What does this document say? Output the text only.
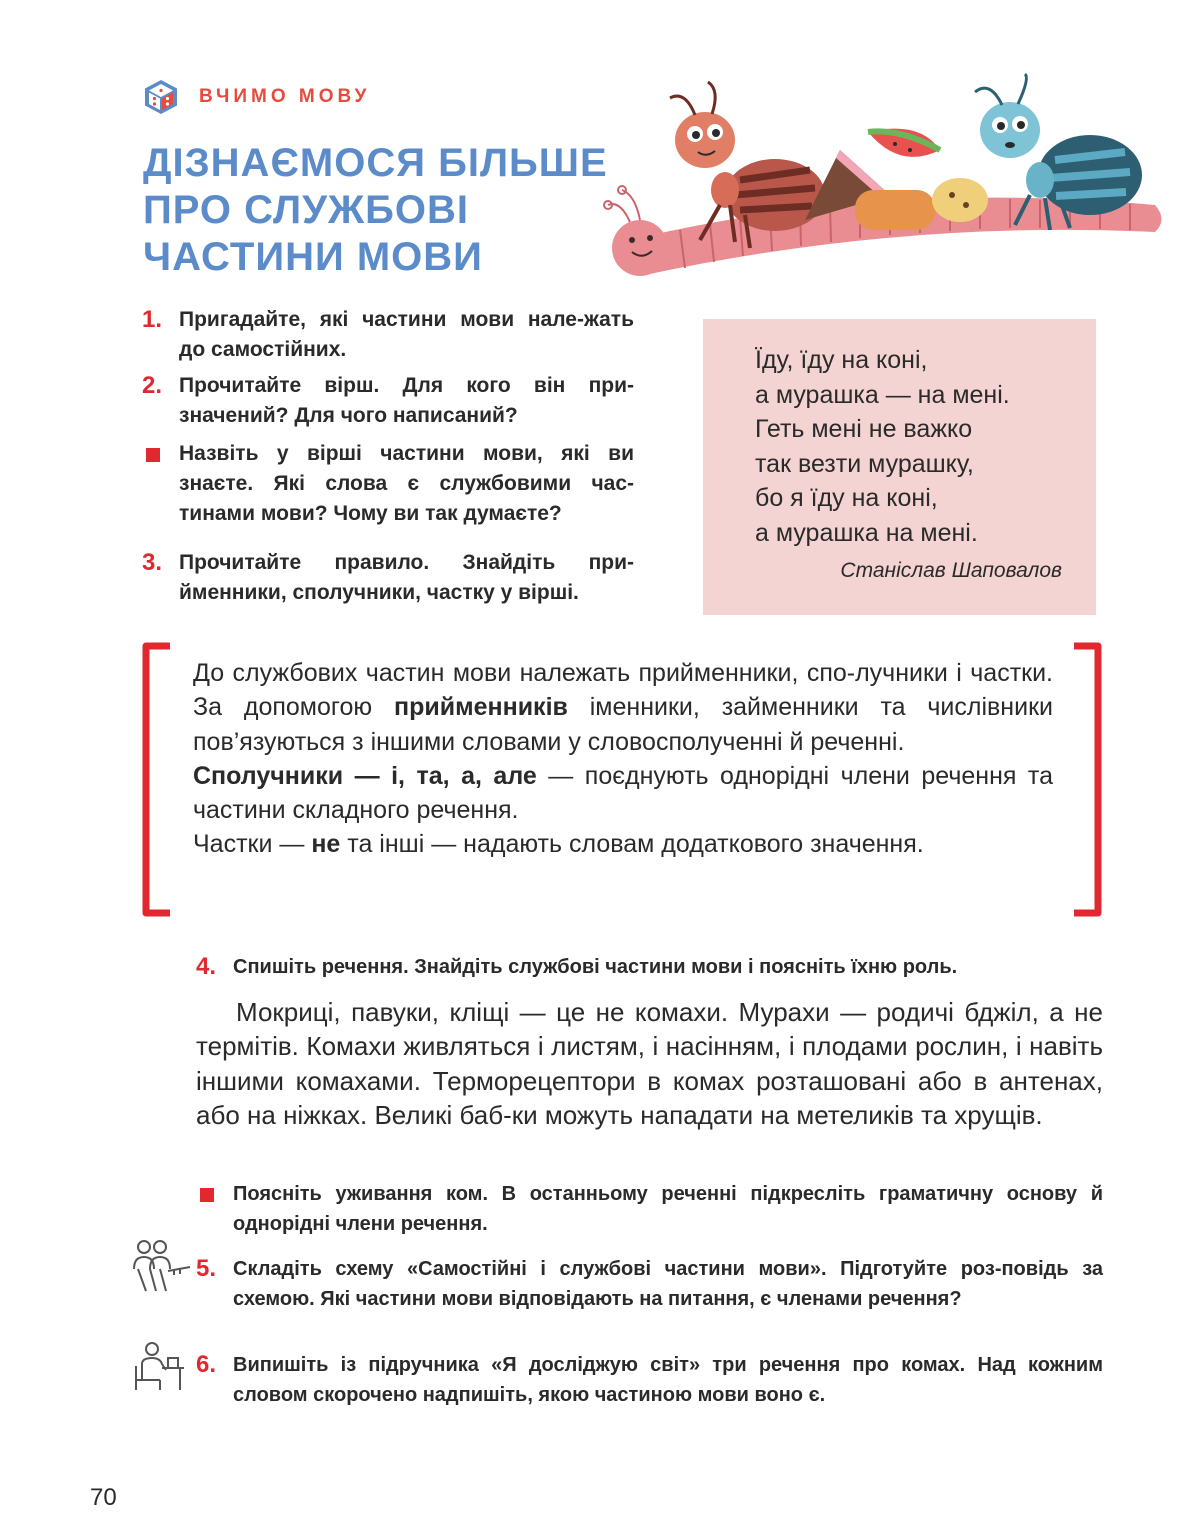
ВЧИМО МОВУ
ДІЗНАЄМОСЯ БІЛЬШЕ
ПРО СЛУЖБОВІ
ЧАСТИНИ МОВИ
1. Пригадайте, які частини мови нале-жать до самостійних.
2. Прочитайте вірш. Для кого він при-значений? Для чого написаний?
Назвіть у вірші частини мови, які ви знаєте. Які слова є службовими час-тинами мови? Чому ви так думаєте?
3. Прочитайте правило. Знайдіть при-йменники, сполучники, частку у вірші.
Їду, їду на коні,
а мурашка — на мені.
Геть мені не важко
так везти мурашку,
бо я їду на коні,
а мурашка на мені.
Станіслав Шаповалов

До службових частин мови належать прийменники, спо-лучники і частки. За допомогою прийменників іменники, займенники та числівники пов’язуються з іншими словами у словосполученні й реченні.

Сполучники — і, та, а, але — поєднують однорідні члени речення та частини складного речення.

Частки — не та інші — надають словам додаткового значення.

4. Спишіть речення. Знайдіть службові частини мови і поясніть їхню роль.

Мокриці, павуки, кліщі — це не комахи. Мурахи — родичі бджіл, а не термітів. Комахи живляться і листям, і насінням, і плодами рослин, і навіть іншими комахами. Терморецептори в комах розташовані або в антенах, або на ніжках. Великі баб-ки можуть нападати на метеликів та хрущів.

Поясніть уживання ком. В останньому реченні підкресліть граматичну основу й однорідні члени речення.
5. Складіть схему «Самостійні і службові частини мови». Підготуйте роз-повідь за схемою. Які частини мови відповідають на питання, є членами речення?
6. Випишіть із підручника «Я досліджую світ» три речення про комах. Над кожним словом скорочено надпишіть, якою частиною мови воно є.
70
